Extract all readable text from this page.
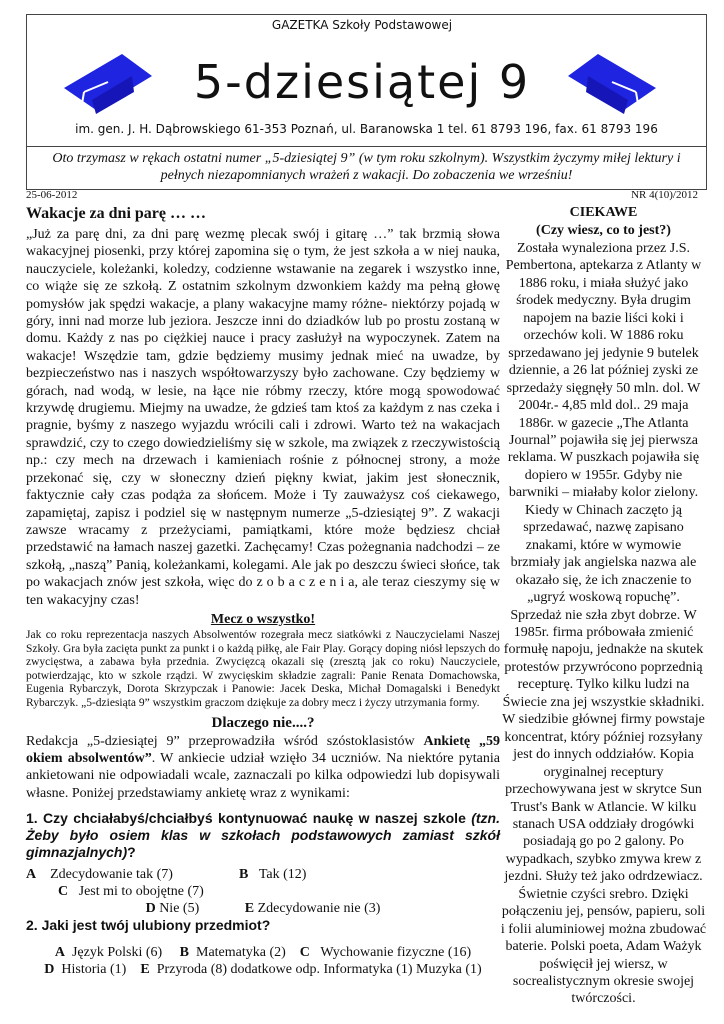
GAZETKA Szkoły Podstawowej
5-dziesiątej 9
im. gen. J. H. Dąbrowskiego 61-353 Poznań, ul. Baranowska 1 tel. 61 8793 196, fax. 61 8793 196
Oto trzymasz w rękach ostatni numer „5-dziesiątej 9” (w tym roku szkolnym). Wszystkim życzymy miłej lektury i pełnych niezapomnianych wrażeń z wakacji. Do zobaczenia we wrześniu!
25-06-2012	NR 4(10)/2012
Wakacje za dni parę … …

„Już za parę dni, za dni parę wezmę plecak swój i gitarę …” tak brzmią słowa wakacyjnej piosenki, przy której zapomina się o tym, że jest szkoła a w niej nauka, nauczyciele, koleżanki, koledzy, codzienne wstawanie na zegarek i wszystko inne, co wiąże się ze szkołą. Z ostatnim szkolnym dzwonkiem każdy ma pełną głowę pomysłów jak spędzi wakacje, a plany wakacyjne mamy różne- niektórzy pojadą w góry, inni nad morze lub jeziora. Jeszcze inni do dziadków lub po prostu zostaną w domu. Każdy z nas po ciężkiej nauce i pracy zasłużył na wypoczynek. Zatem na wakacje! Wszędzie tam, gdzie będziemy musimy jednak mieć na uwadze, by bezpieczeństwo nas i naszych współtowarzyszy było zachowane. Czy będziemy w górach, nad wodą, w lesie, na łące nie róbmy rzeczy, które mogą spowodować krzywdę drugiemu. Miejmy na uwadze, że gdzieś tam ktoś za każdym z nas czeka i pragnie, byśmy z naszego wyjazdu wrócili cali i zdrowi. Warto też na wakacjach sprawdzić, czy to czego dowiedzieliśmy się w szkole, ma związek z rzeczywistością np.: czy mech na drzewach i kamieniach rośnie z północnej strony, a może przekonać się, czy w słoneczny dzień piękny kwiat, jakim jest słonecznik, faktycznie cały czas podąża za słońcem. Może i Ty zauważysz coś ciekawego, zapamiętaj, zapisz i podziel się w następnym numerze „5-dziesiątej 9”. Z wakacji zawsze wracamy z przeżyciami, pamiątkami, które może będziesz chciał przedstawić na łamach naszej gazetki. Zachęcamy! Czas pożegnania nadchodzi – ze szkołą, „naszą” Panią, koleżankami, kolegami. Ale jak po deszczu świeci słońce, tak po wakacjach znów jest szkoła, więc do z o b a c z e n i a, ale teraz cieszymy się w ten wakacyjny czas!

Mecz o wszystko!

Jak co roku reprezentacja naszych Absolwentów rozegrała mecz siatkówki z Nauczycielami Naszej Szkoły. Gra była zacięta punkt za punkt i o każdą piłkę, ale Fair Play. Gorący doping niósł lepszych do zwycięstwa, a zabawa była przednia. Zwycięzcą okazali się (zresztą jak co roku) Nauczyciele, potwierdzając, kto w szkole rządzi. W zwycięskim składzie zagrali: Panie Renata Domachowska, Eugenia Rybarczyk, Dorota Skrzypczak i Panowie: Jacek Deska, Michał Domagalski i Benedykt Rybarczyk. „5-dziesiąta 9” wszystkim graczom dziękuje za dobry mecz i życzy utrzymania formy.

Dlaczego nie....?

Redakcja „5-dziesiątej 9” przeprowadziła wśród szóstoklasistów Ankietę „59 okiem absolwentów”. W ankiecie udział wzięło 34 uczniów. Na niektóre pytania ankietowani nie odpowiadali wcale, zaznaczali po kilka odpowiedzi lub dopisywali własne. Poniżej przedstawiamy ankietę wraz z wynikami:

1. Czy chciałabyś/chciałbyś kontynuować naukę w naszej szkole (tzn. Żeby było osiem klas w szkołach podstawowych zamiast szkół gimnazjalnych)?
A Zdecydowanie tak (7)	B Tak (12)C Jest mi to obojętne (7)
D Nie (5)	E Zdecydowanie nie (3)
2. Jaki jest twój ulubiony przedmiot?
A Język Polski (6) B Matematyka (2) C Wychowanie fizyczne (16)
D Historia (1) E Przyroda (8) dodatkowe odp. Informatyka (1) Muzyka (1)
CIEKAWE
(Czy wiesz, co to jest?)

Została wynaleziona przez J.S. Pembertona, aptekarza z Atlanty w 1886 roku, i miała służyć jako środek medyczny. Była drugim napojem na bazie liści koki i orzechów koli. W 1886 roku sprzedawano jej jedynie 9 butelek dziennie, a 26 lat później zyski ze sprzedaży sięgnęły 50 mln. dol. W 2004r.- 4,85 mld dol.. 29 maja 1886r. w gazecie „The Atlanta Journal” pojawiła się jej pierwsza reklama. W puszkach pojawiła się dopiero w 1955r. Gdyby nie barwniki – miałaby kolor zielony. Kiedy w Chinach zaczęto ją sprzedawać, nazwę zapisano znakami, które w wymowie brzmiały jak angielska nazwa ale okazało się, że ich znaczenie to „ugryź woskową ropuchę”. Sprzedaż nie szła zbyt dobrze. W 1985r. firma próbowała zmienić formułę napoju, jednakże na skutek protestów przywrócono poprzednią recepturę. Tylko kilku ludzi na Świecie zna jej wszystkie składniki. W siedzibie głównej firmy powstaje koncentrat, który później rozsyłany jest do innych oddziałów. Kopia oryginalnej receptury przechowywana jest w skrytce Sun Trust's Bank w Atlancie. W kilku stanach USA oddziały drogówki posiadają go po 2 galony. Po wypadkach, szybko zmywa krew z jezdni. Służy też jako odrdzewiacz. Świetnie czyści srebro. Dzięki połączeniu jej, pensów, papieru, soli i folii aluminiowej można zbudować baterie. Polski poeta, Adam Ważyk poświęcił jej wiersz, w socrealistycznym okresie swojej twórczości.
